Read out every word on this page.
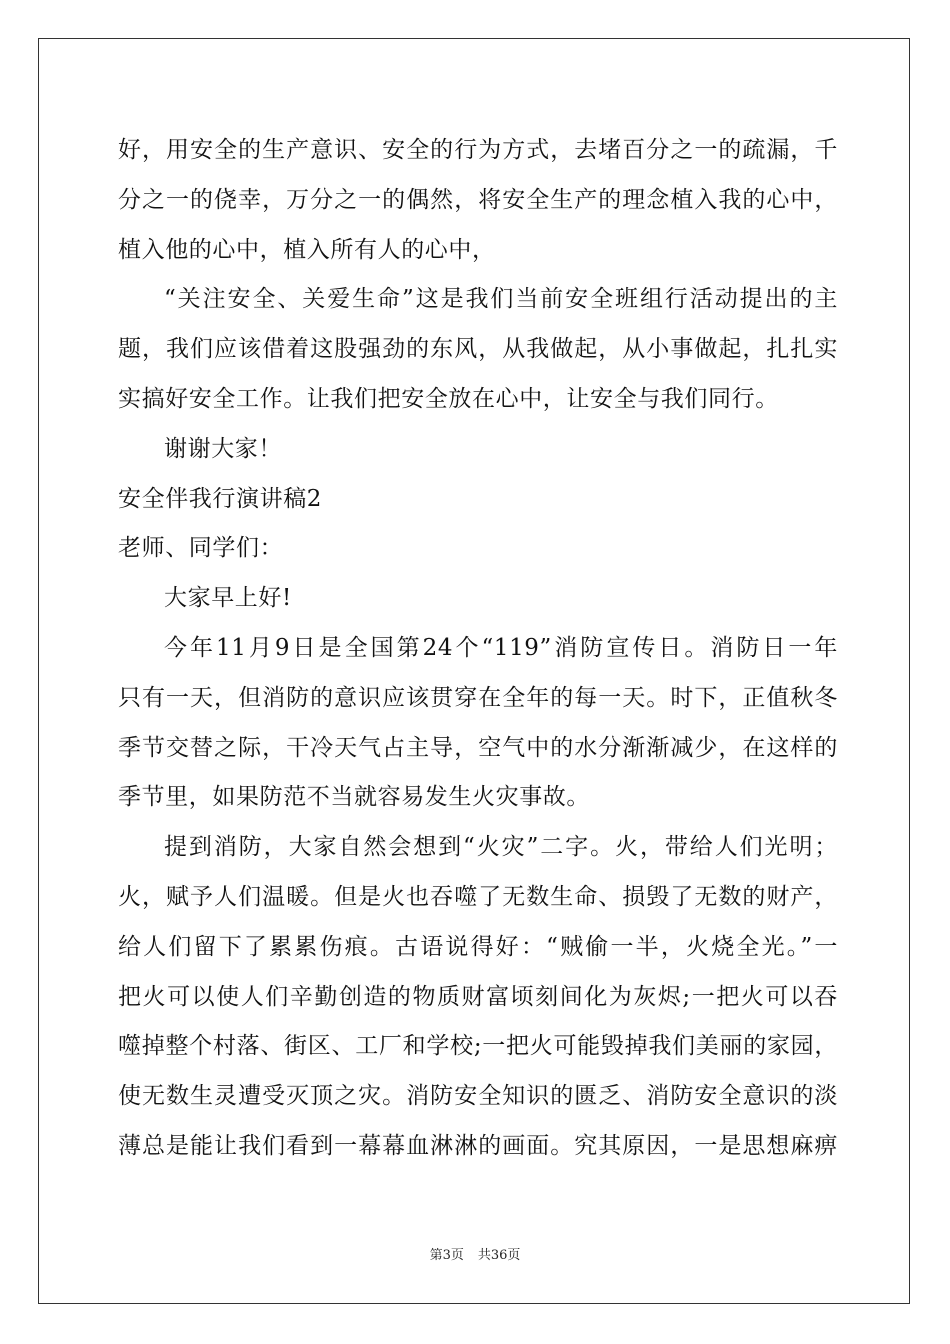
好，用安全的生产意识、安全的行为方式，去堵百分之一的疏漏，千
分之一的侥幸，万分之一的偶然，将安全生产的理念植入我的心中，
植入他的心中，植入所有人的心中，
“关注安全、关爱生命”这是我们当前安全班组行活动提出的主
题，我们应该借着这股强劲的东风，从我做起，从小事做起，扎扎实
实搞好安全工作。让我们把安全放在心中，让安全与我们同行。
谢谢大家！
安全伴我行演讲稿2
老师、同学们：
大家早上好!
今年11月9日是全国第24个“119”消防宣传日。消防日一年
只有一天，但消防的意识应该贯穿在全年的每一天。时下，正值秋冬
季节交替之际，干冷天气占主导，空气中的水分渐渐减少，在这样的
季节里，如果防范不当就容易发生火灾事故。
提到消防，大家自然会想到“火灾”二字。火，带给人们光明；
火，赋予人们温暖。但是火也吞噬了无数生命、损毁了无数的财产，
给人们留下了累累伤痕。古语说得好：“贼偷一半，火烧全光。”一
把火可以使人们辛勤创造的物质财富顷刻间化为灰烬;一把火可以吞
噬掉整个村落、街区、工厂和学校;一把火可能毁掉我们美丽的家园，
使无数生灵遭受灭顶之灾。消防安全知识的匮乏、消防安全意识的淡
薄总是能让我们看到一幕幕血淋淋的画面。究其原因，一是思想麻痹
第3页 共36页
